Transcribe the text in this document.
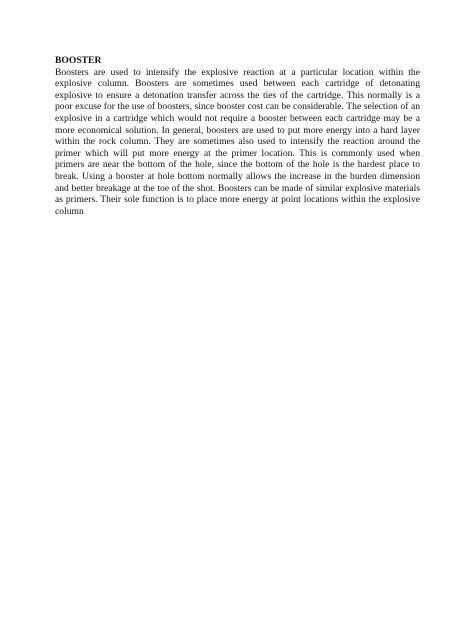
BOOSTER

Boosters are used to intensify the explosive reaction at a particular location within the explosive column. Boosters are sometimes used between each cartridge of detonating explosive to ensure a detonation transfer across the ties of the cartridge. This normally is a poor excuse for the use of boosters, since booster cost can be considerable. The selection of an explosive in a cartridge which would not require a booster between each cartridge may be a more economical solution. In general, boosters are used to put more energy into a hard layer within the rock column. They are sometimes also used to intensify the reaction around the primer which will put more energy at the primer location. This is commonly used when primers are near the bottom of the hole, since the bottom of the hole is the hardest place to break. Using a booster at hole bottom normally allows the increase in the burden dimension and better breakage at the toe of the shot. Boosters can be made of similar explosive materials as primers. Their sole function is to place more energy at point locations within the explosive column
